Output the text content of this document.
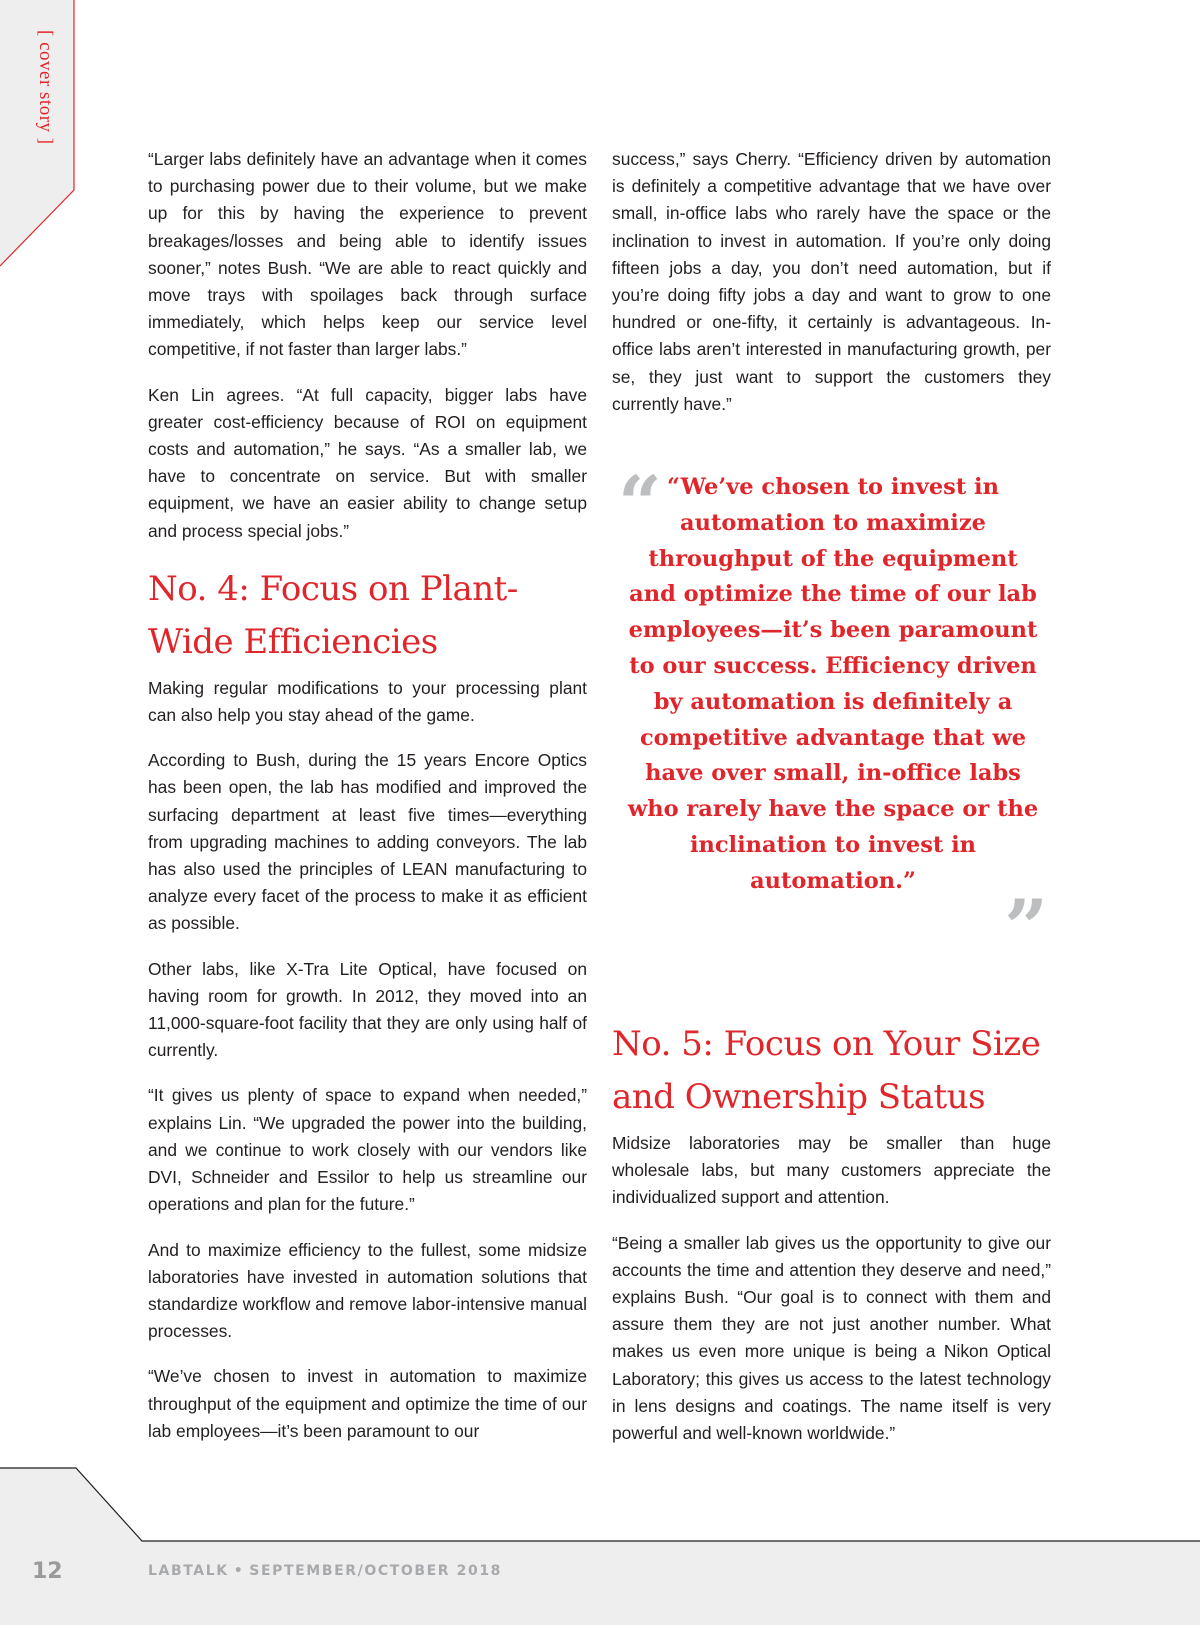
[ cover story ]

“Larger labs definitely have an advantage when it comes to purchasing power due to their volume, but we make up for this by having the experience to prevent breakages/losses and being able to identify issues sooner,” notes Bush. “We are able to react quickly and move trays with spoilages back through surface immediately, which helps keep our service level competitive, if not faster than larger labs.”

Ken Lin agrees. “At full capacity, bigger labs have greater cost-efficiency because of ROI on equipment costs and automation,” he says. “As a smaller lab, we have to concentrate on service. But with smaller equipment, we have an easier ability to change setup and process special jobs.”

No. 4: Focus on Plant-Wide Efficiencies

Making regular modifications to your processing plant can also help you stay ahead of the game.

According to Bush, during the 15 years Encore Optics has been open, the lab has modified and improved the surfacing department at least five times—everything from upgrading machines to adding conveyors. The lab has also used the principles of LEAN manufacturing to analyze every facet of the process to make it as efficient as possible.

Other labs, like X-Tra Lite Optical, have focused on having room for growth. In 2012, they moved into an 11,000-square-foot facility that they are only using half of currently.

“It gives us plenty of space to expand when needed,” explains Lin. “We upgraded the power into the building, and we continue to work closely with our vendors like DVI, Schneider and Essilor to help us streamline our operations and plan for the future.”

And to maximize efficiency to the fullest, some midsize laboratories have invested in automation solutions that standardize workflow and remove labor-intensive manual processes.

“We’ve chosen to invest in automation to maximize throughput of the equipment and optimize the time of our lab employees—it’s been paramount to our

success,” says Cherry. “Efficiency driven by automation is definitely a competitive advantage that we have over small, in-office labs who rarely have the space or the inclination to invest in automation. If you’re only doing fifteen jobs a day, you don’t need automation, but if you’re doing fifty jobs a day and want to grow to one hundred or one-fifty, it certainly is advantageous. In-office labs aren’t interested in manufacturing growth, per se, they just want to support the customers they currently have.”

“ “We’ve chosen to invest in automation to maximize throughput of the equipment and optimize the time of our lab employees—it’s been paramount to our success. Efficiency driven by automation is definitely a competitive advantage that we have over small, in-office labs who rarely have the space or the inclination to invest in automation.”

”
No. 5: Focus on Your Size and Ownership Status

Midsize laboratories may be smaller than huge wholesale labs, but many customers appreciate the individualized support and attention.

“Being a smaller lab gives us the opportunity to give our accounts the time and attention they deserve and need,” explains Bush. “Our goal is to connect with them and assure them they are not just another number. What makes us even more unique is being a Nikon Optical Laboratory; this gives us access to the latest technology in lens designs and coatings. The name itself is very powerful and well-known worldwide.”

12	LABTALK • SEPTEMBER/OCTOBER 2018
